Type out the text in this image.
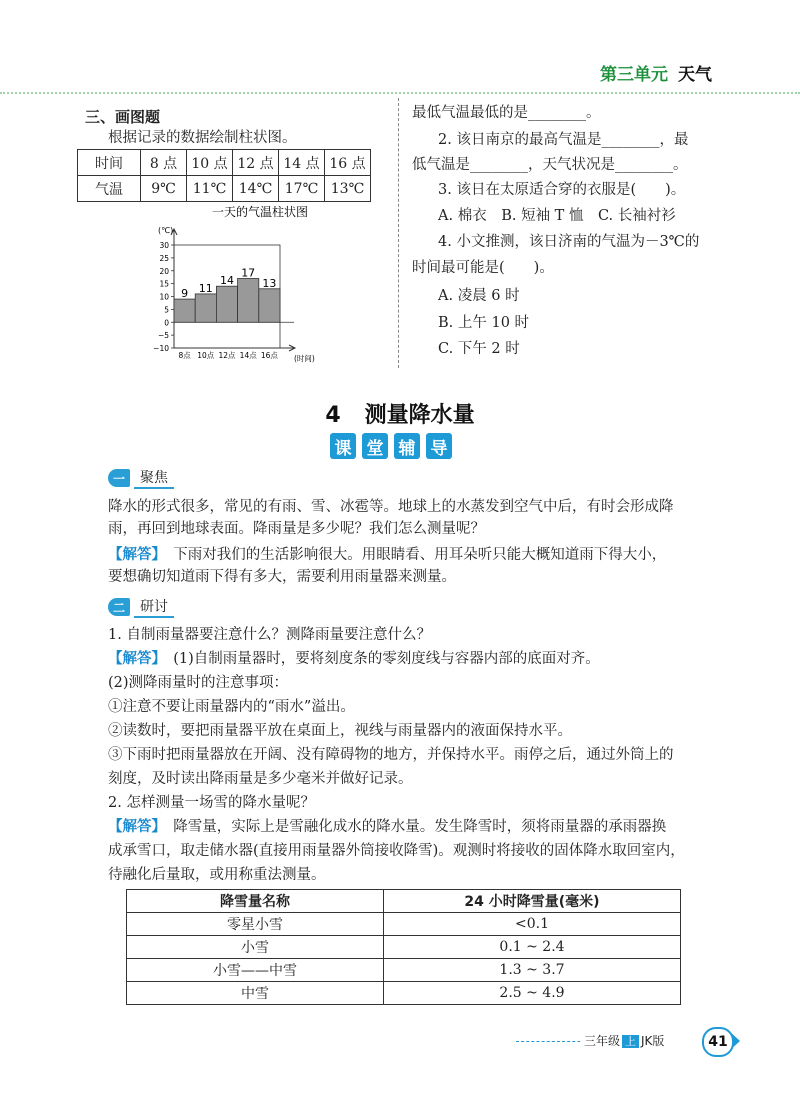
第三单元 天气
三、画图题
根据记录的数据绘制柱状图。
时间	8 点	10 点	12 点	14 点	16 点
气温	9℃	11℃	14℃	17℃	13℃
一天的气温柱状图
(℃)
(时间)
30
25
20
15
10
5
0
−5
−10
9
8点
11
10点
14
12点
17
14点
13
16点
最低气温最低的是________。
2. 该日南京的最高气温是________，最
低气温是________，天气状况是________。
3. 该日在太原适合穿的衣服是(　　)。
A. 棉衣　B. 短袖 T 恤　C. 长袖衬衫
4. 小文推测，该日济南的气温为－3℃的
时间最可能是(　　)。
A. 凌晨 6 时
B. 上午 10 时
C. 下午 2 时
4 测量降水量
课 堂 辅 导
一	聚焦
降水的形式很多，常见的有雨、雪、冰雹等。地球上的水蒸发到空气中后，有时会形成降
雨，再回到地球表面。降雨量是多少呢？我们怎么测量呢？
【解答】　下雨对我们的生活影响很大。用眼睛看、用耳朵听只能大概知道雨下得大小，
要想确切知道雨下得有多大，需要利用雨量器来测量。
二	研讨
1. 自制雨量器要注意什么？测降雨量要注意什么？
【解答】　(1)自制雨量器时，要将刻度条的零刻度线与容器内部的底面对齐。
(2)测降雨量时的注意事项：
①注意不要让雨量器内的“雨水”溢出。
②读数时，要把雨量器平放在桌面上，视线与雨量器内的液面保持水平。
③下雨时把雨量器放在开阔、没有障碍物的地方，并保持水平。雨停之后，通过外筒上的
刻度，及时读出降雨量是多少毫米并做好记录。
2. 怎样测量一场雪的降水量呢？
【解答】　降雪量，实际上是雪融化成水的降水量。发生降雪时，须将雨量器的承雨器换
成承雪口，取走储水器(直接用雨量器外筒接收降雪)。观测时将接收的固体降水取回室内，
待融化后量取，或用称重法测量。
降雪量名称	24 小时降雪量(毫米)
零星小雪	<0.1
小雪	0.1 ~ 2.4
小雪——中雪	1.3 ~ 3.7
中雪	2.5 ~ 4.9
三年级 上 JK版	41
